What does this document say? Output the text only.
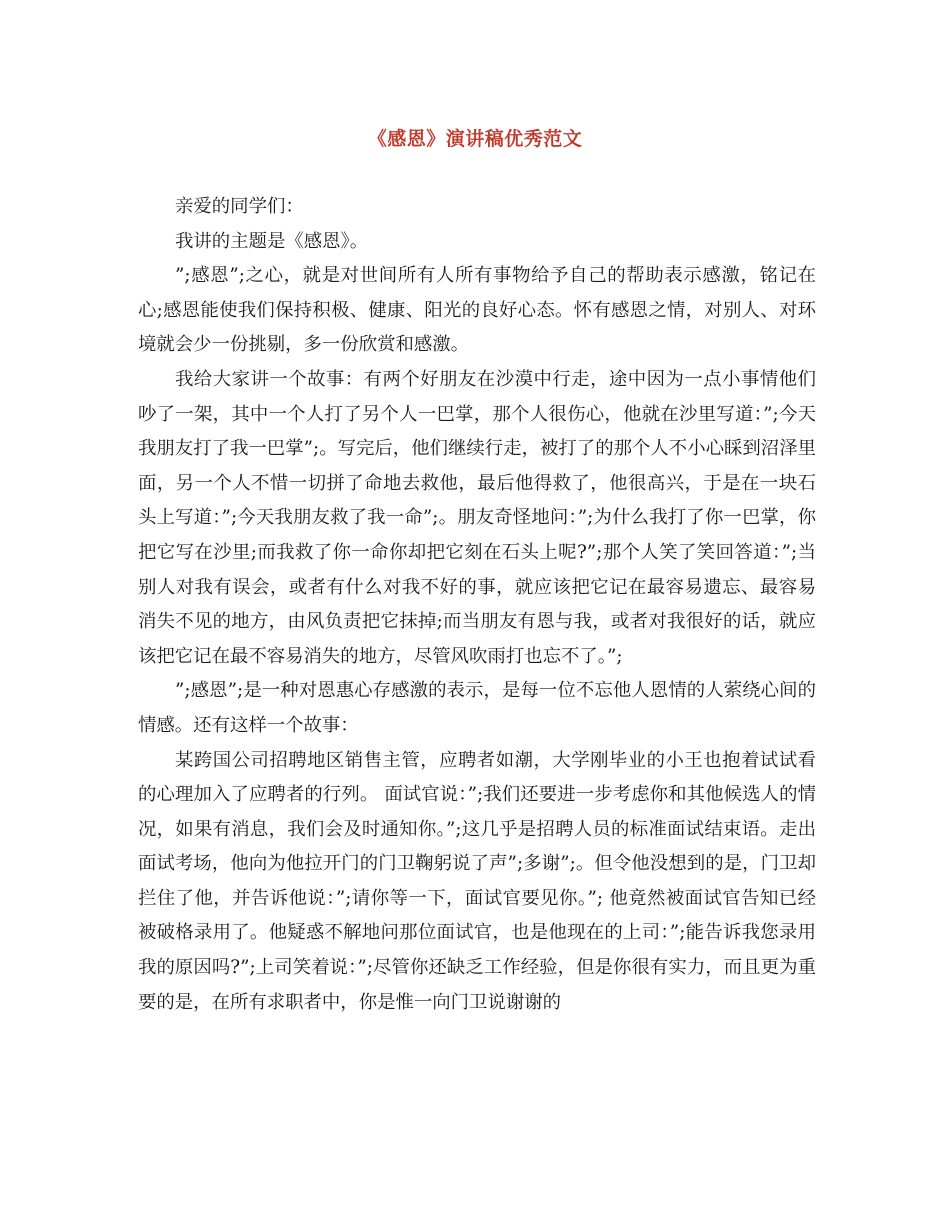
《感恩》演讲稿优秀范文

亲爱的同学们：

我讲的主题是《感恩》。

”;感恩”;之心，就是对世间所有人所有事物给予自己的帮助表示感激，铭记在心;感恩能使我们保持积极、健康、阳光的良好心态。怀有感恩之情，对别人、对环境就会少一份挑剔，多一份欣赏和感激。

我给大家讲一个故事：有两个好朋友在沙漠中行走，途中因为一点小事情他们吵了一架，其中一个人打了另个人一巴掌，那个人很伤心，他就在沙里写道：”;今天我朋友打了我一巴掌”;。写完后，他们继续行走，被打了的那个人不小心睬到沼泽里面，另一个人不惜一切拼了命地去救他，最后他得救了，他很高兴，于是在一块石头上写道：”;今天我朋友救了我一命”;。朋友奇怪地问：”;为什么我打了你一巴掌，你把它写在沙里;而我救了你一命你却把它刻在石头上呢?”;那个人笑了笑回答道：”;当别人对我有误会，或者有什么对我不好的事，就应该把它记在最容易遗忘、最容易消失不见的地方，由风负责把它抹掉;而当朋友有恩与我，或者对我很好的话，就应该把它记在最不容易消失的地方，尽管风吹雨打也忘不了。”;

”;感恩”;是一种对恩惠心存感激的表示，是每一位不忘他人恩情的人萦绕心间的情感。还有这样一个故事：

某跨国公司招聘地区销售主管，应聘者如潮，大学刚毕业的小王也抱着试试看的心理加入了应聘者的行列。 面试官说：”;我们还要进一步考虑你和其他候选人的情况，如果有消息，我们会及时通知你。”;这几乎是招聘人员的标准面试结束语。走出面试考场，他向为他拉开门的门卫鞠躬说了声”;多谢”;。但令他没想到的是，门卫却拦住了他，并告诉他说：”;请你等一下，面试官要见你。”; 他竟然被面试官告知已经被破格录用了。他疑惑不解地问那位面试官，也是他现在的上司：”;能告诉我您录用我的原因吗?”;上司笑着说：”;尽管你还缺乏工作经验，但是你很有实力，而且更为重要的是，在所有求职者中，你是惟一向门卫说谢谢的
